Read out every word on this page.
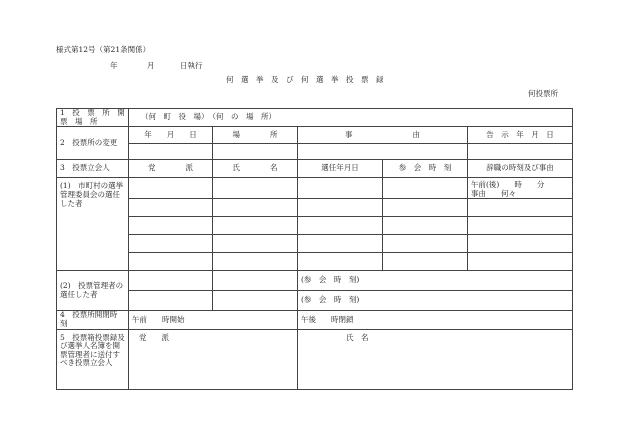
様式第12号（第21条関係）
年	月	日執行
何　選　挙　及　び　何　選　挙　投　票　録
何投票所
1　投　票　所　開　票　場　所	（何　町　役　場）　（何　の　場　所）				
2　投票所の変更	年　　月　　日	場　　　　所	事　　　　　　　　由		告　示　年　月　日

3　投票立会人	党　　　　派	氏　　　　名	選任年月日	参　会　時　刻	辞職の時刻及び事由
(1)　市町村の選挙管理委員会の選任した者					午前(後)　　時　　分
事由　　何々

(2)　投票管理者の選任した者			(参　会　時　刻)		
			(参　会　時　刻)		
4　投票所開閉時　　　　刻	午前　　時開始		午後　　時閉鎖		
5　投票箱投票録及び選挙人名簿を開票管理者に送付すべき投票立会人	党　　派		氏　名		
